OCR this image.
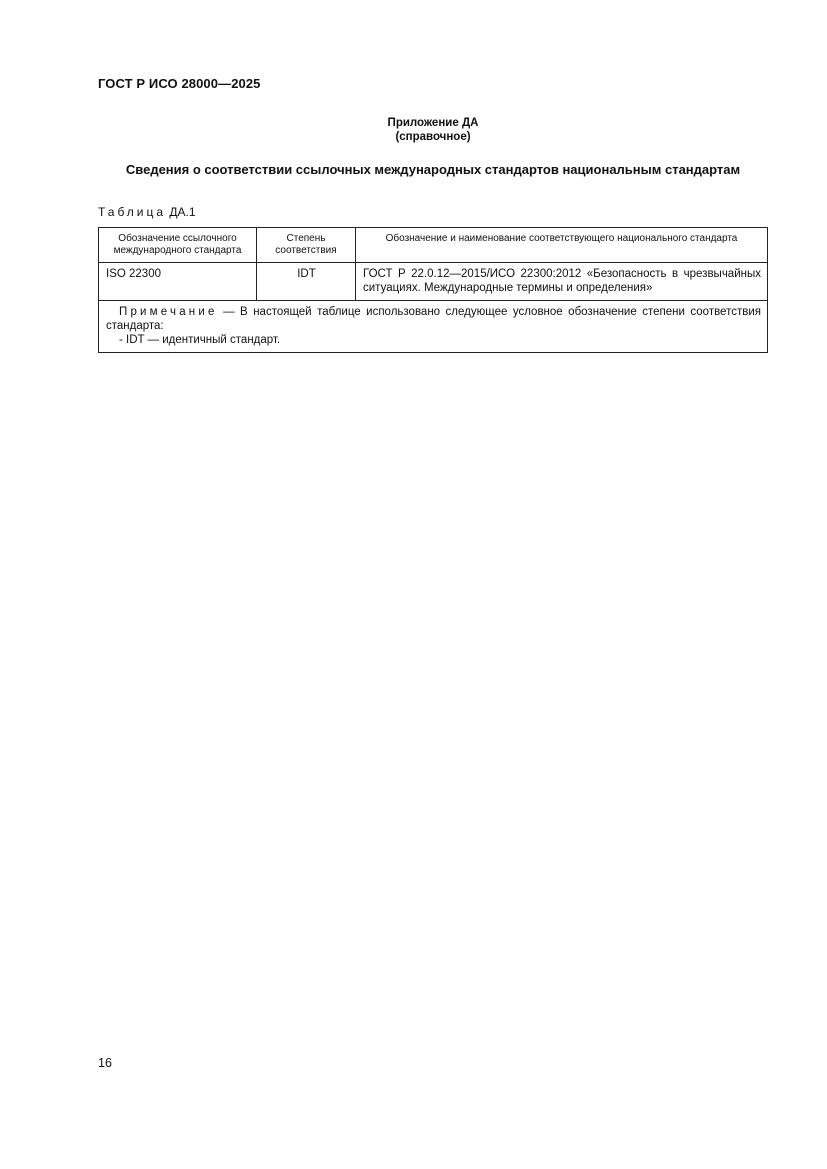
ГОСТ Р ИСО 28000—2025
Приложение ДА
(справочное)
Сведения о соответствии ссылочных международных стандартов национальным стандартам
Таблица ДА.1
Обозначение ссылочного международного стандарта	Степень соответствия	Обозначение и наименование соответствующего национального стандарта
ISO 22300	IDT	ГОСТ Р 22.0.12—2015/ИСО 22300:2012 «Безопасность в чрезвычайных ситуациях. Международные термины и определения»

Примечание — В настоящей таблице использовано следующее условное обозначение степени соответствия стандарта:
- IDT — идентичный стандарт.		
16
